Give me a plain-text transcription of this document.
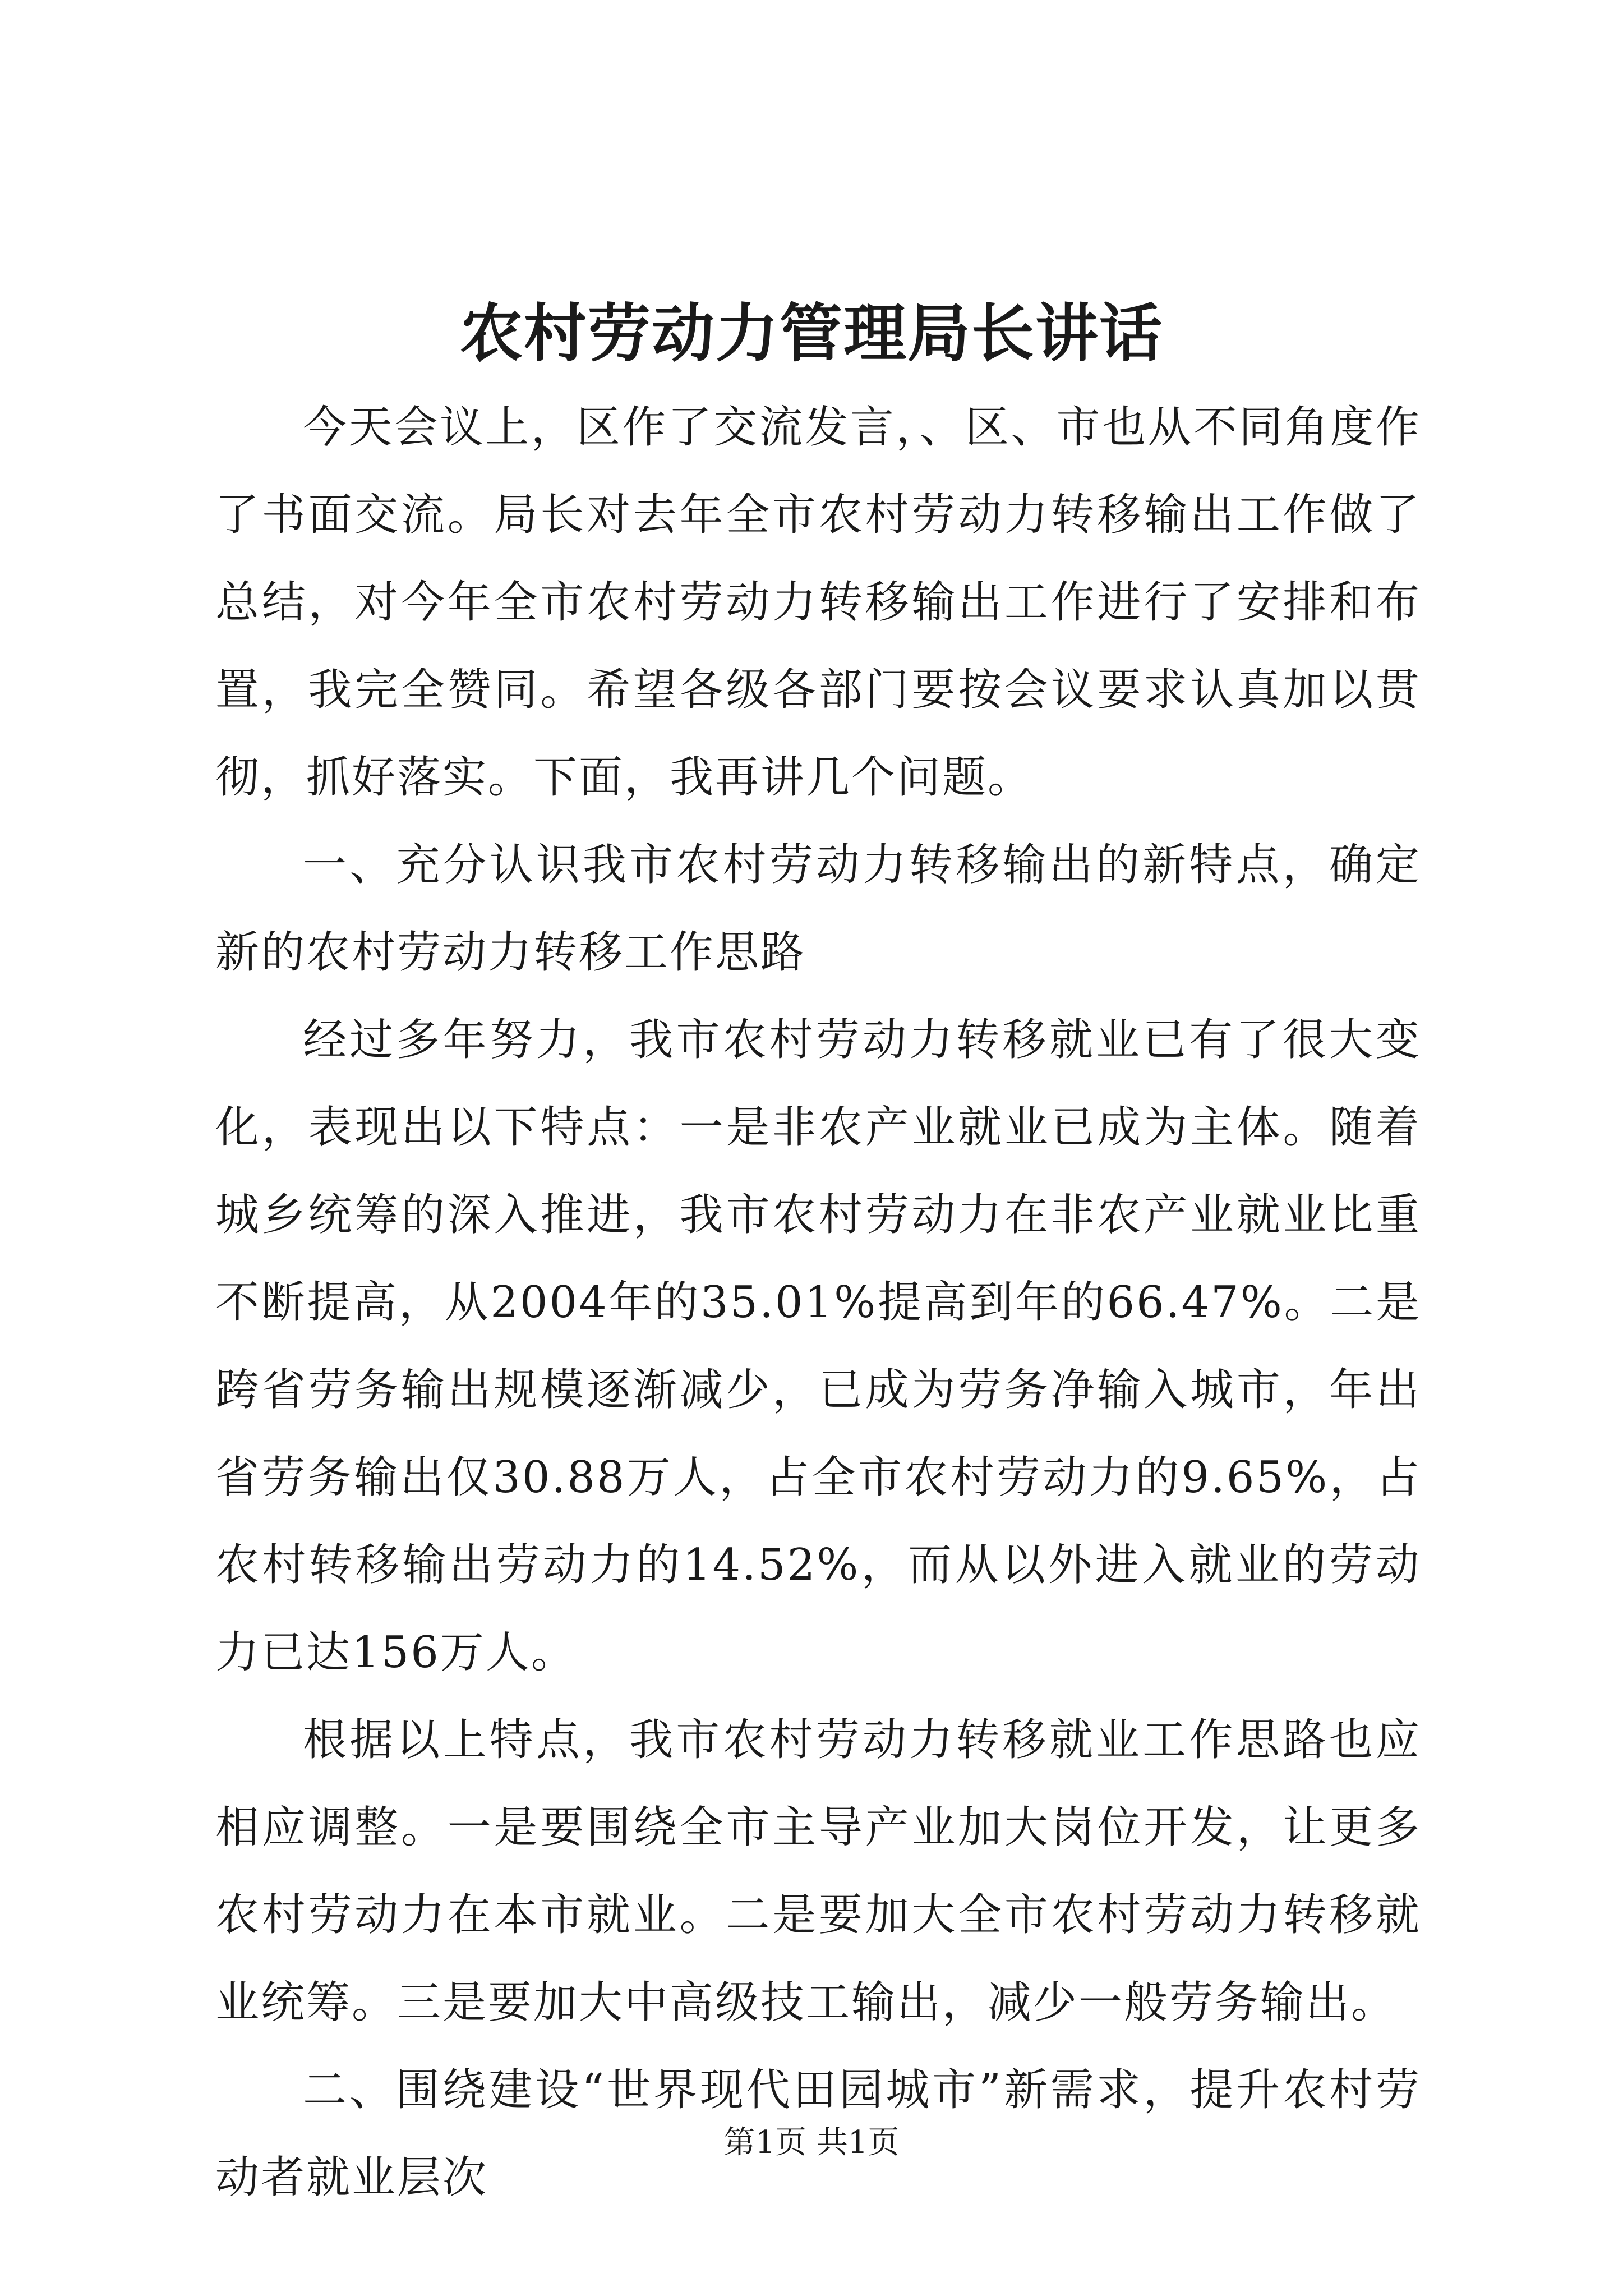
农村劳动力管理局长讲话

今天会议上，区作了交流发言，、区、市也从不同角度作了书面交流。局长对去年全市农村劳动力转移输出工作做了总结，对今年全市农村劳动力转移输出工作进行了安排和布置，我完全赞同。希望各级各部门要按会议要求认真加以贯彻，抓好落实。下面，我再讲几个问题。

一、充分认识我市农村劳动力转移输出的新特点，确定新的农村劳动力转移工作思路

经过多年努力，我市农村劳动力转移就业已有了很大变化，表现出以下特点：一是非农产业就业已成为主体。随着城乡统筹的深入推进，我市农村劳动力在非农产业就业比重不断提高，从2004年的35.01%提高到年的66.47%。二是跨省劳务输出规模逐渐减少，已成为劳务净输入城市，年出省劳务输出仅30.88万人，占全市农村劳动力的9.65%，占农村转移输出劳动力的14.52%，而从以外进入就业的劳动力已达156万人。

根据以上特点，我市农村劳动力转移就业工作思路也应相应调整。一是要围绕全市主导产业加大岗位开发，让更多农村劳动力在本市就业。二是要加大全市农村劳动力转移就业统筹。三是要加大中高级技工输出，减少一般劳务输出。

二、围绕建设“世界现代田园城市”新需求，提升农村劳动者就业层次

第1页 共1页
